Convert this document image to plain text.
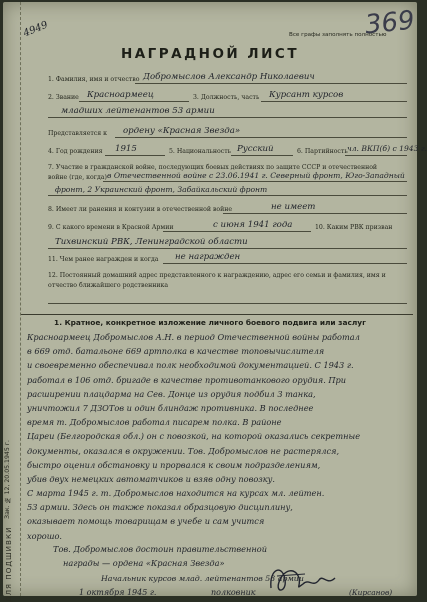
4949	Все графы заполнять полностью
369
НАГРАДНОЙ ЛИСТ
1. Фамилия, имя и отчество Добромыслов Александр Николаевич
2. Звание Красноармеец	3. Должность, часть Курсант курсов
младших лейтенантов 53 армии
Представляется к ордену «Красная Звезда»
4. Год рождения 1915	5. Национальность Русский	6. Партийность чл. ВКП(б) с 1943 г.
7. Участие в гражданской войне, последующих боевых действиях по защите СССР и отечественной
войне (где, когда) в Отечественной войне с 23.06.1941 г. Северный фронт, Юго-Западный
фронт, 2 Украинский фронт, Забайкальский фронт
8. Имеет ли ранения и контузии в отечественной войне	не имеет
9. С какого времени в Красной Армии	с июня 1941 года	10. Каким РВК призван
Тихвинский РВК, Ленинградской области
11. Чем ранее награжден и когда не награжден
12. Постоянный домашний адрес представленного к награждению, адрес его семьи и фамилия, имя и
отчество ближайшего родственника
1. Кратное, конкретное изложение личного боевого подвига или заслуг
Красноармеец Добромыслов А.Н. в период Отечественной войны работал
в 669 отд. батальоне 669 артполка в качестве топовычислителя
и своевременно обеспечивал полк необходимой документацией. С 1943 г.
работал в 106 отд. бригаде в качестве противотанкового орудия. При
расширении плацдарма на Сев. Донце из орудия подбил 3 танка,
уничтожил 7 ДЗОТов и один блиндаж противника. В последнее
время т. Добромыслов работал писарем полка. В районе
Цареи (Белгородская обл.) он с повозкой, на которой оказались секретные
документы, оказался в окружении. Тов. Добромыслов не растерялся,
быстро оценил обстановку и прорвался к своим подразделениям,
убив двух немецких автоматчиков и взяв одну повозку.
С марта 1945 г. т. Добромыслов находится на курсах мл. лейтен.
53 армии. Здесь он также показал образцовую дисциплину,
оказывает помощь товарищам в учебе и сам учится
хорошо.
Тов. Добромыслов достоин правительственной
награды — ордена «Красная Звезда»
Начальник курсов млад. лейтенантов 53 армии
1 октября 1945 г.	полковник	(Кирсанов)
ДЛЯ ПОДШИВКИ
Зак. № 12, 20.05.1945 г.
